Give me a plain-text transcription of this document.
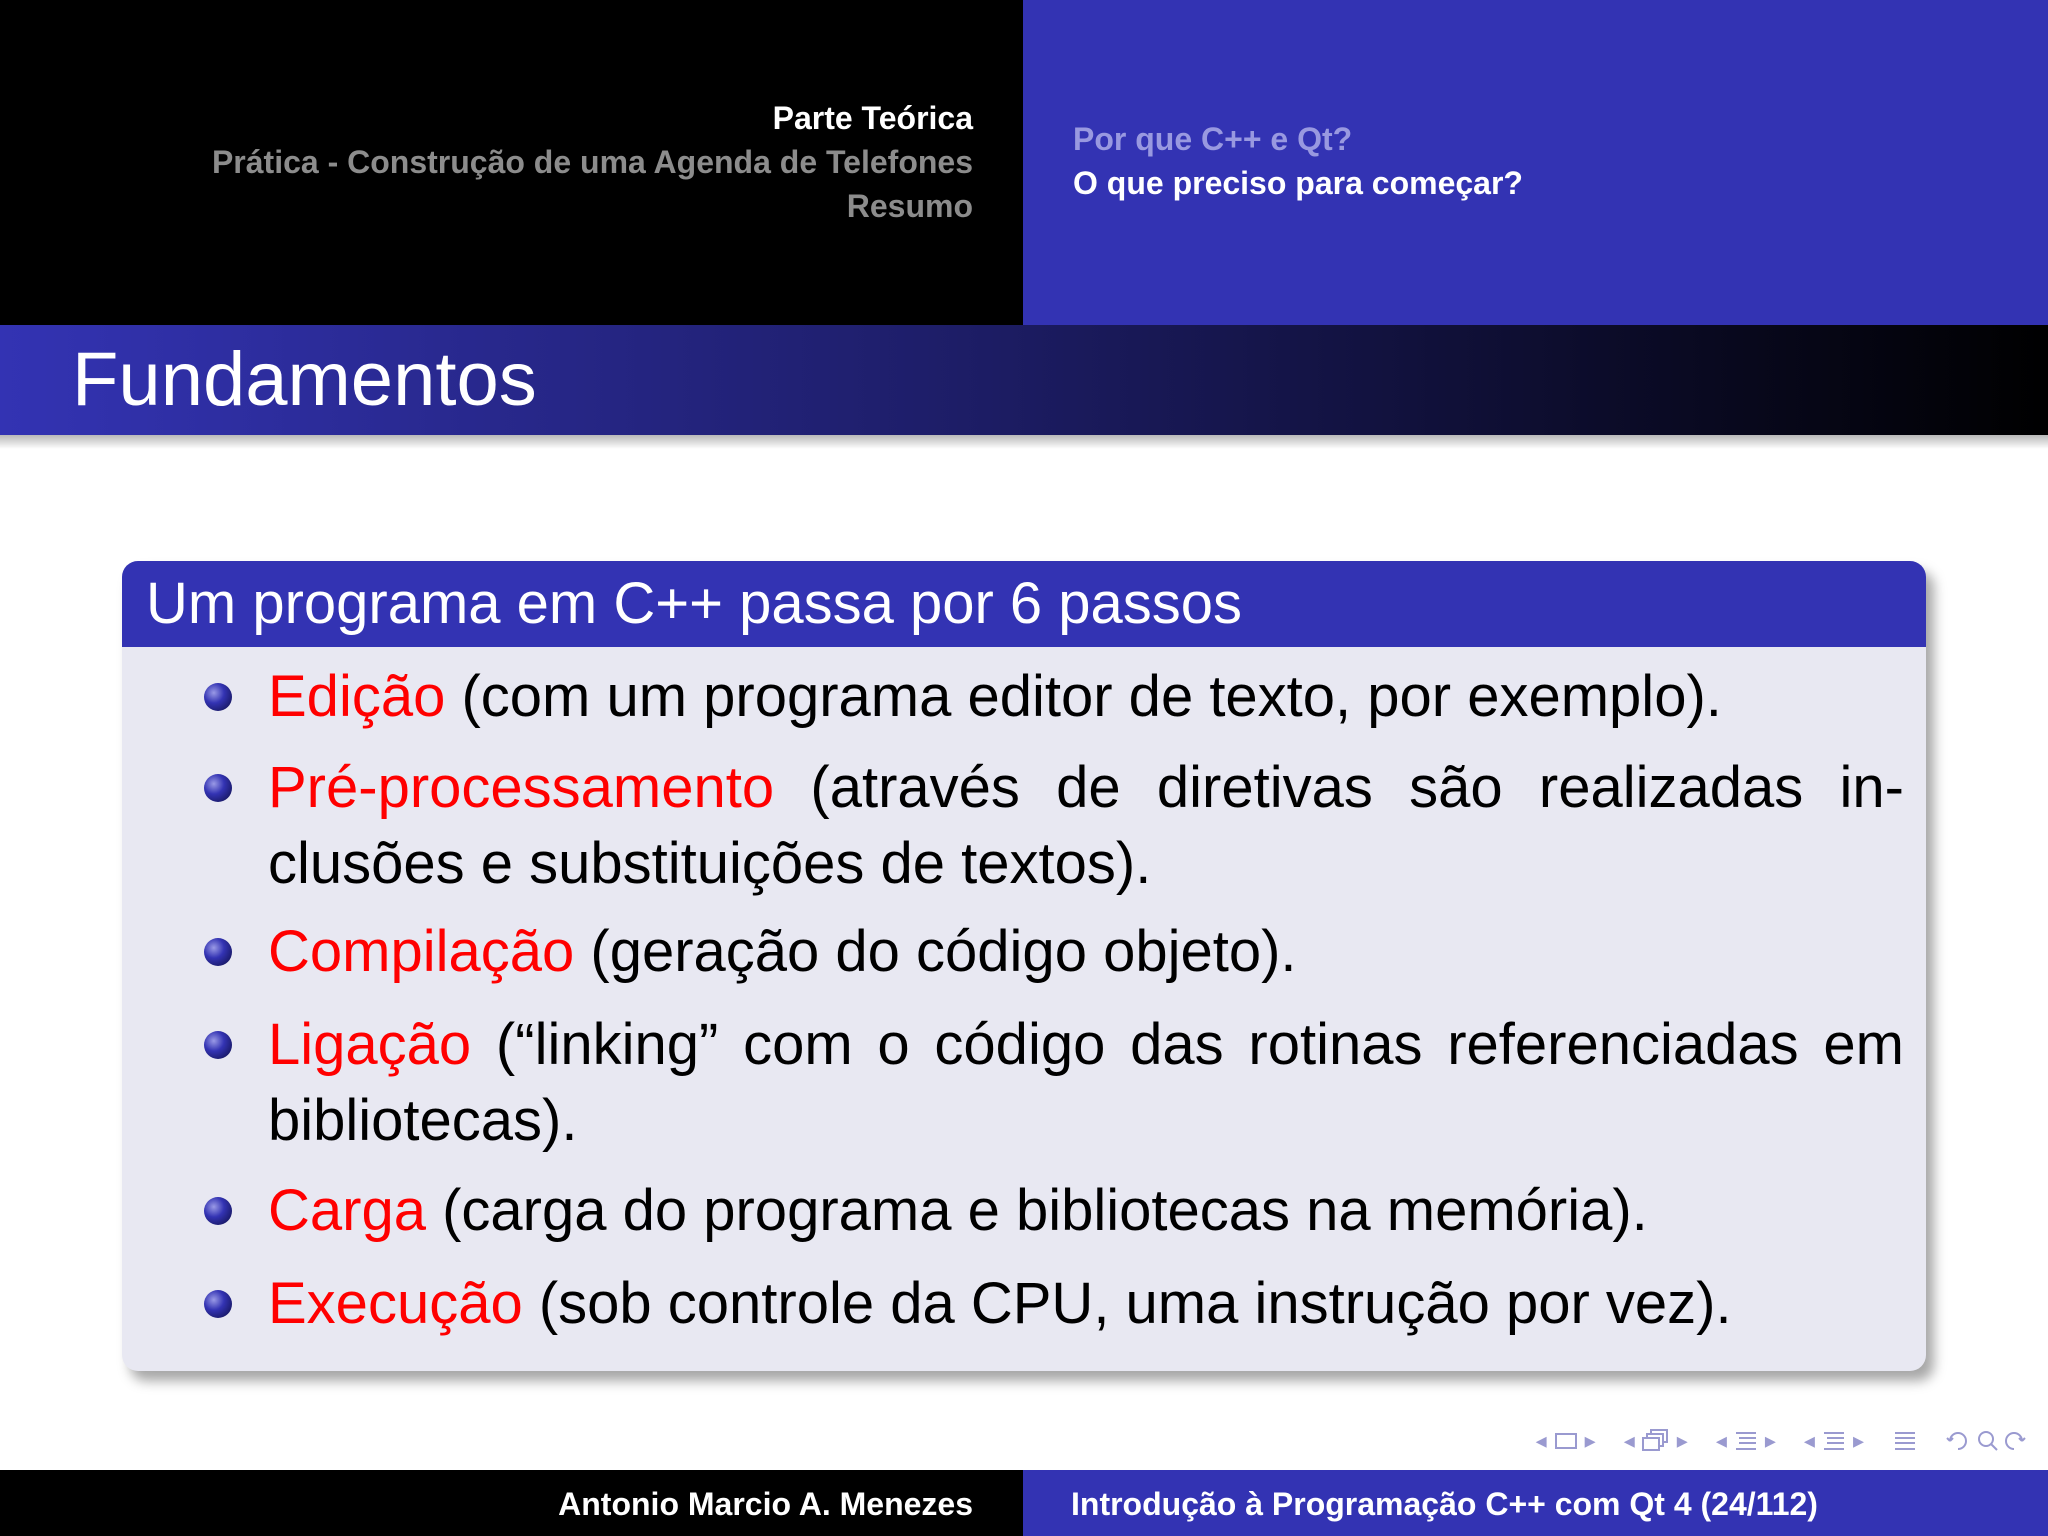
Parte Teórica
Prática - Construção de uma Agenda de Telefones
Resumo
Por que C++ e Qt?
O que preciso para começar?
Fundamentos
Um programa em C++ passa por 6 passos
Edição (com um programa editor de texto, por exemplo).
Pré-processamento (através de diretivas são realizadas in-clusões e substituições de textos).
Compilação (geração do código objeto).
Ligação (“linking” com o código das rotinas referenciadas em bibliotecas).
Carga (carga do programa e bibliotecas na memória).
Execução (sob controle da CPU, uma instrução por vez).
◂ ▸ ◂ ▸ ◂ ▸ ◂ ▸
Antonio Marcio A. Menezes	Introdução à Programação C++ com Qt 4 (24/112)
